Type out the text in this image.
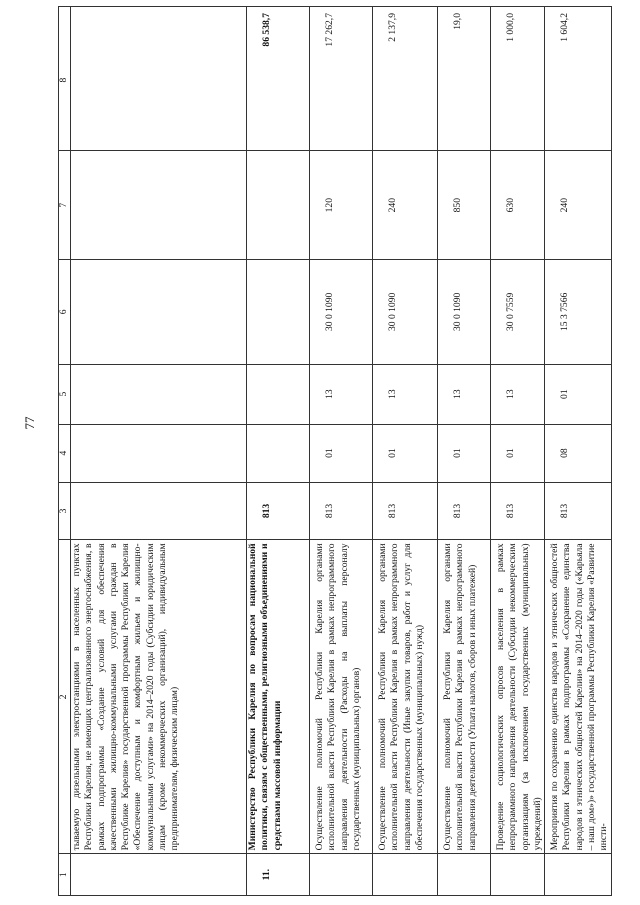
77
1	2	3	4	5	6	7	8
	тываемую дизельными электростанциями в населенных пунктах Республики Карелия, не имеющих централизованного энергоснабжения, в рамках подпрограммы «Создание условий для обеспечения качественными жилищно-коммунальными услугами граждан в Республике Карелия» государственной программы Республики Карелия «Обеспечение доступным и комфортным жильем и жилищно-коммунальными услугами» на 2014–2020 годы (Субсидии юридическим лицам (кроме некоммерческих организаций), индивидуальным предпринимателям, физическим лицам)						
11.	Министерство Республики Карелия по вопросам национальной политики, связям с общественными, религиозными объединениями и средствами массовой информации	813					86 538,7
	Осуществление полномочий Республики Карелия органами исполнительной власти Республики Карелия в рамках непрограммного направления деятельности (Расходы на выплаты персоналу государственных (муниципальных) органов)	813	01	13	30 0 1090	120	17 262,7
	Осуществление полномочий Республики Карелия органами исполнительной власти Республики Карелия в рамках непрограммного направления деятельности (Иные закупки товаров, работ и услуг для обеспечения государственных (муниципальных) нужд)	813	01	13	30 0 1090	240	2 137,9
	Осуществление полномочий Республики Карелия органами исполнительной власти Республики Карелия в рамках непрограммного направления деятельности (Уплата налогов, сборов и иных платежей)	813	01	13	30 0 1090	850	19,0
	Проведение социологических опросов населения в рамках непрограммного направления деятельности (Субсидии некоммерческим организациям (за исключением государственных (муниципальных) учреждений)	813	01	13	30 0 7559	630	1 000,0
	Мероприятия по сохранению единства народов и этнических общностей Республики Карелия в рамках подпрограммы «Сохранение единства народов и этнических общностей Карелии» на 2014–2020 годы («Карьяла – наш дом»)» государственной программы Республики Карелия «Развитие инсти-	813	08	01	15 3 7566	240	1 604,2
